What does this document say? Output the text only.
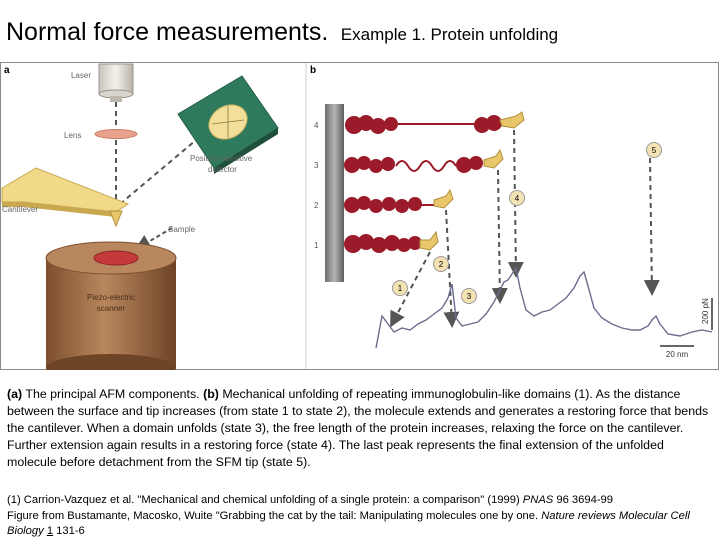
Normal force measurements. Example 1. Protein unfolding
a	Laser
Lens
Position-sensitive
detector
Cantilever
Sample
Piezo-electric
scanner
b
4
3
2
1
1
2
3
4
5
200 pN
20 nm
(a) The principal AFM components. (b) Mechanical unfolding of repeating immunoglobulin-like domains (1). As the distance between the surface and tip increases (from state 1 to state 2), the molecule extends and generates a restoring force that bends the cantilever. When a domain unfolds (state 3), the free length of the protein increases, relaxing the force on the cantilever. Further extension again results in a restoring force (state 4). The last peak represents the final extension of the unfolded molecule before detachment from the SFM tip (state 5).
(1) Carrion-Vazquez et al. "Mechanical and chemical unfolding of a single protein: a comparison" (1999) PNAS 96 3694-99
Figure from Bustamante, Macosko, Wuite "Grabbing the cat by the tail: Manipulating molecules one by one. Nature reviews Molecular Cell Biology 1 131-6
